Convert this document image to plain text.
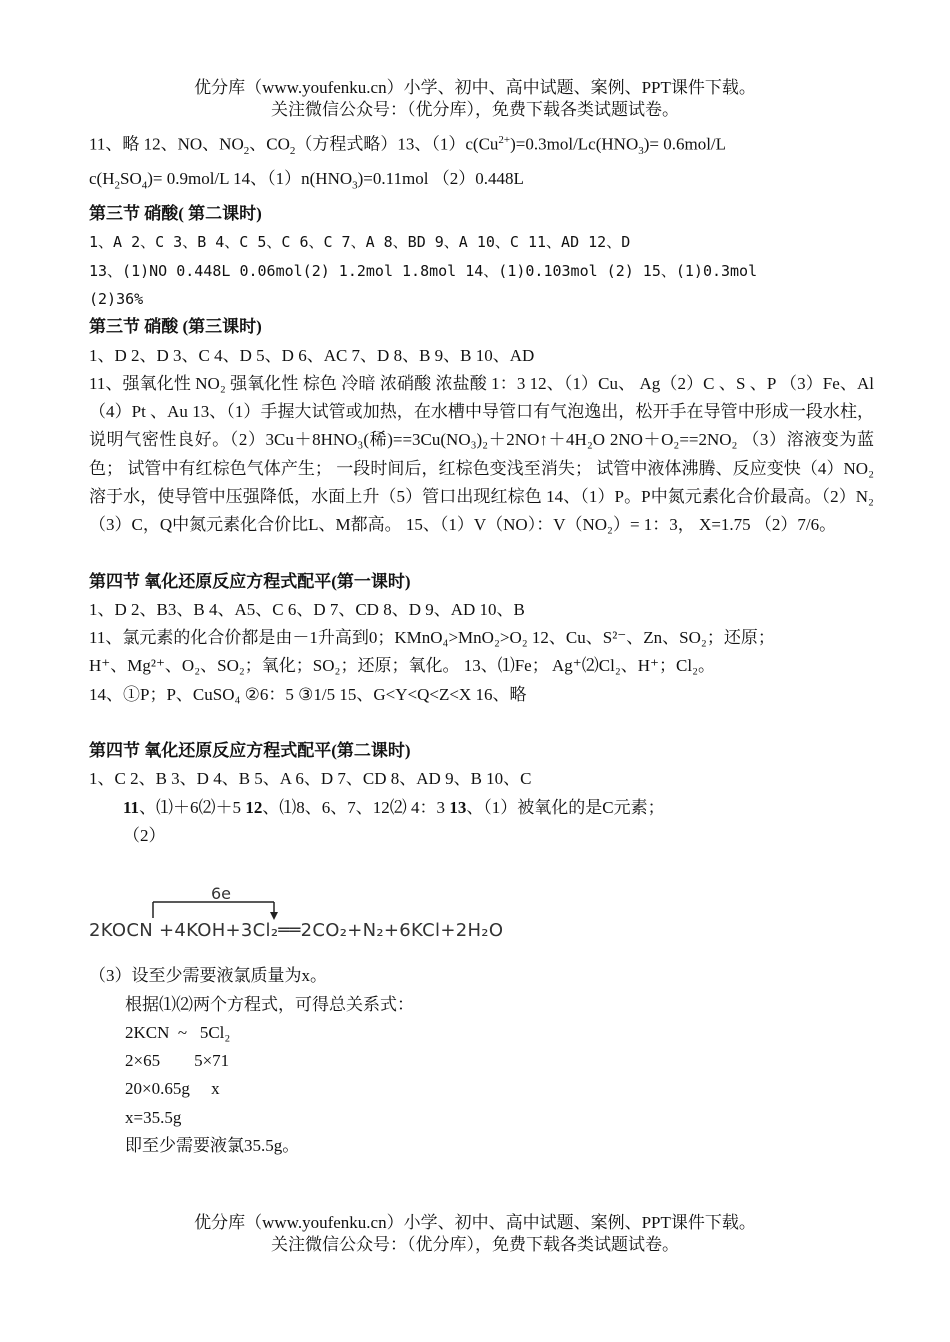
优分库（www.youfenku.cn）小学、初中、高中试题、案例、PPT课件下载。
关注微信公众号：（优分库），免费下载各类试题试卷。
11、略 12、NO、$NO_2$、$CO_2$（方程式略）13、$(1)c(Cu^{2+})=0.3mol/Lc(HNO_3)= 0.6mol/L$
$c(H_2SO_4)= 0.9mol/L$ 14、$(1)n(HNO_3)=0.11mol$ （2）0.448L
第三节 硝酸( 第二课时)
1、A 2、C 3、B 4、C 5、C 6、C 7、A 8、BD 9、A 10、C 11、AD 12、D
13、(1)NO 0.448L 0.06mol(2) 1.2mol 1.8mol 14、(1)0.103mol (2) 15、(1)0.3mol
(2)36%
第三节 硝酸 (第三课时)
1、D 2、D 3、C 4、D 5、D 6、AC 7、D 8、B 9、B 10、AD
11、强氧化性 NO₂ 强氧化性 棕色 冷暗 浓硝酸 浓盐酸 1：3 12、（1）Cu、 Ag（2）C 、S 、P （3）Fe、Al （4）Pt 、Au 13、（1）手握大试管或加热，在水槽中导管口有气泡逸出，松开手在导管中形成一段水柱，说明气密性良好。（2）3Cu＋8HNO₃(稀)==3Cu(NO₃)₂＋2NO↑＋4H₂O 2NO＋O₂==2NO₂ （3）溶液变为蓝色； 试管中有红棕色气体产生； 一段时间后，红棕色变浅至消失； 试管中液体沸腾、反应变快（4）NO₂溶于水，使导管中压强降低，水面上升（5）管口出现红棕色 14、（1）P。P中氮元素化合价最高。（2）N₂ （3）C，Q中氮元素化合价比L、M都高。 15、（1）V（NO）：V（NO₂）= 1：3， X=1.75 （2）7/6。
第四节 氧化还原反应方程式配平(第一课时)
1、D 2、B3、B 4、A5、C 6、D 7、CD 8、D 9、AD 10、B
11、氯元素的化合价都是由－1升高到0；KMnO₄>MnO₂>O₂ 12、Cu、S²⁻、Zn、SO₂；还原；
H⁺、Mg²⁺、O₂、SO₂；氧化；SO₂；还原；氧化。 13、⑴Fe； Ag⁺⑵Cl₂、H⁺；Cl₂。
14、①P；P、CuSO₄ ②6：5 ③1/5 15、G<Y<Q<Z<X 16、略
第四节 氧化还原反应方程式配平(第二课时)
1、C 2、B 3、D 4、B 5、A 6、D 7、CD 8、AD 9、B 10、C
11、⑴＋6⑵＋5 12、⑴8、6、7、12⑵ 4：3 13、（1）被氧化的是C元素；
（2）
6e
2KOCN +4KOH+3Cl₂══2CO₂+N₂+6KCl+2H₂O
（3）设至少需要液氯质量为x。
根据⑴⑵两个方程式，可得总关系式：
2KCN  ~   5Cl₂
2×65        5×71
20×0.65g     x
x=35.5g
即至少需要液氯35.5g。
优分库（www.youfenku.cn）小学、初中、高中试题、案例、PPT课件下载。
关注微信公众号：（优分库），免费下载各类试题试卷。
